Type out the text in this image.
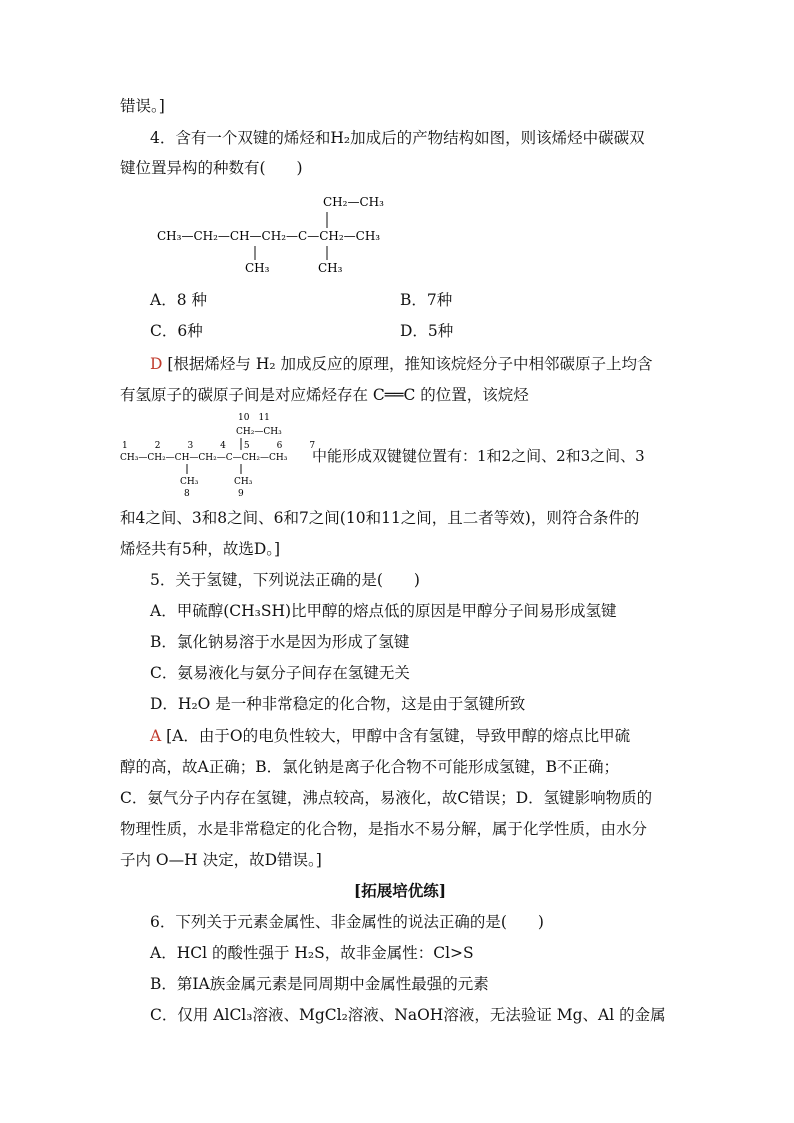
错误。]
4．含有一个双键的烯烃和H₂加成后的产物结构如图，则该烯烃中碳碳双
键位置异构的种数有(　　)
CH₂—CH₃
CH₃—CH₂—CH—CH₂—C—CH₂—CH₃
CH₃	CH₃
A．8 种	B．7种
C．6种	D．5种
D [根据烯烃与 H₂ 加成反应的原理，推知该烷烃分子中相邻碳原子上均含
有氢原子的碳原子间是对应烯烃存在 C══C 的位置，该烷烃
10　11
CH₂—CH₃
1　　　2　　　3　　　4　　5　　　6　　　7
CH₃—CH₂—CH—CH₂—C—CH₂—CH₃
CH₃	CH₃
8	9
中能形成双键键位置有：1和2之间、2和3之间、3
和4之间、3和8之间、6和7之间(10和11之间，且二者等效)，则符合条件的
烯烃共有5种，故选D。]
5．关于氢键，下列说法正确的是(　　)
A．甲硫醇(CH₃SH)比甲醇的熔点低的原因是甲醇分子间易形成氢键
B．氯化钠易溶于水是因为形成了氢键
C．氨易液化与氨分子间存在氢键无关
D．H₂O 是一种非常稳定的化合物，这是由于氢键所致
A [A．由于O的电负性较大，甲醇中含有氢键，导致甲醇的熔点比甲硫
醇的高，故A正确；B．氯化钠是离子化合物不可能形成氢键，B不正确；
C．氨气分子内存在氢键，沸点较高，易液化，故C错误；D．氢键影响物质的
物理性质，水是非常稳定的化合物，是指水不易分解，属于化学性质，由水分
子内 O—H 决定，故D错误。]
[拓展培优练]
6．下列关于元素金属性、非金属性的说法正确的是(　　)
A．HCl 的酸性强于 H₂S，故非金属性：Cl>S
B．第ⅠA族金属元素是同周期中金属性最强的元素
C．仅用 AlCl₃溶液、MgCl₂溶液、NaOH溶液，无法验证 Mg、Al 的金属
